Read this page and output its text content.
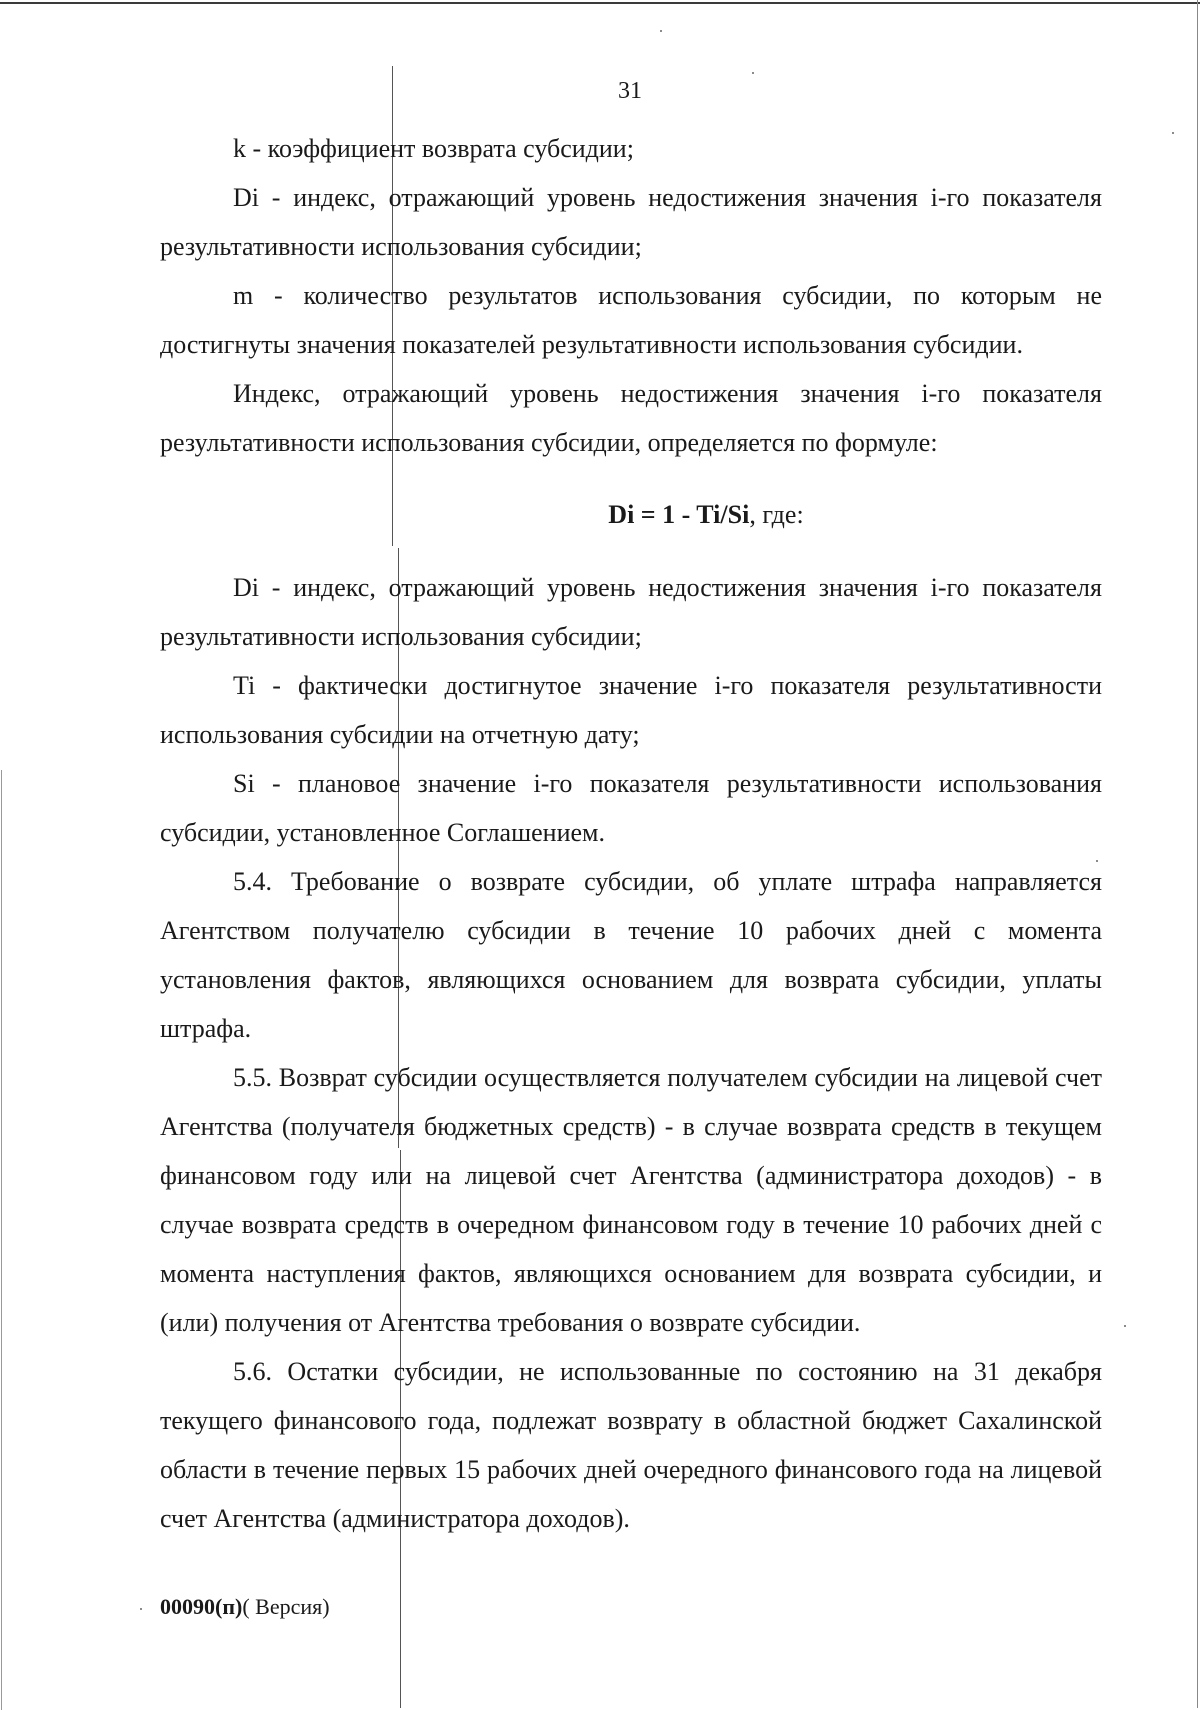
31

k - коэффициент возврата субсидии;

Di - индекс, отражающий уровень недостижения значения i-го показателя результативности использования субсидии;

m - количество результатов использования субсидии, по которым не достигнуты значения показателей результативности использования субсидии.

Индекс, отражающий уровень недостижения значения i-го показателя результативности использования субсидии, определяется по формуле:

Di = 1 - Ti/Si, где:

Di - индекс, отражающий уровень недостижения значения i-го показателя результативности использования субсидии;

Ti - фактически достигнутое значение i-го показателя результативности использования субсидии на отчетную дату;

Si - плановое значение i-го показателя результативности использования субсидии, установленное Соглашением.

5.4. Требование о возврате субсидии, об уплате штрафа направляется Агентством получателю субсидии в течение 10 рабочих дней с момента установления фактов, являющихся основанием для возврата субсидии, уплаты штрафа.

5.5. Возврат субсидии осуществляется получателем субсидии на лицевой счет Агентства (получателя бюджетных средств) - в случае возврата средств в текущем финансовом году или на лицевой счет Агентства (администратора доходов) - в случае возврата средств в очередном финансовом году в течение 10 рабочих дней с момента наступления фактов, являющихся основанием для возврата субсидии, и (или) получения от Агентства требования о возврате субсидии.

5.6. Остатки субсидии, не использованные по состоянию на 31 декабря текущего финансового года, подлежат возврату в областной бюджет Сахалинской области в течение первых 15 рабочих дней очередного финансового года на лицевой счет Агентства (администратора доходов).

00090(п)( Версия)
